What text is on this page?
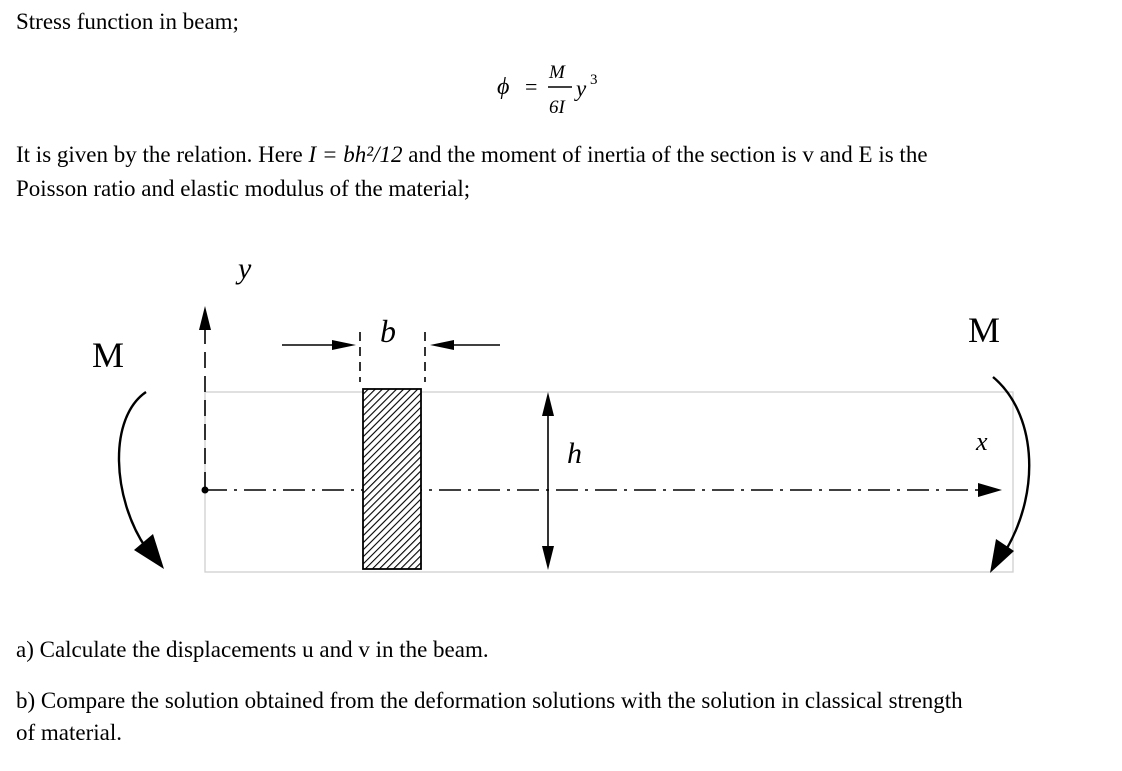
Stress function in beam;
ϕ =
M
6I
y 3
It is given by the relation. Here I = bh²/12 and the moment of inertia of the section is v and E is the
Poisson ratio and elastic modulus of the material;
y
b
h	x
M
M
a) Calculate the displacements u and v in the beam.
b) Compare the solution obtained from the deformation solutions with the solution in classical strength
of material.
